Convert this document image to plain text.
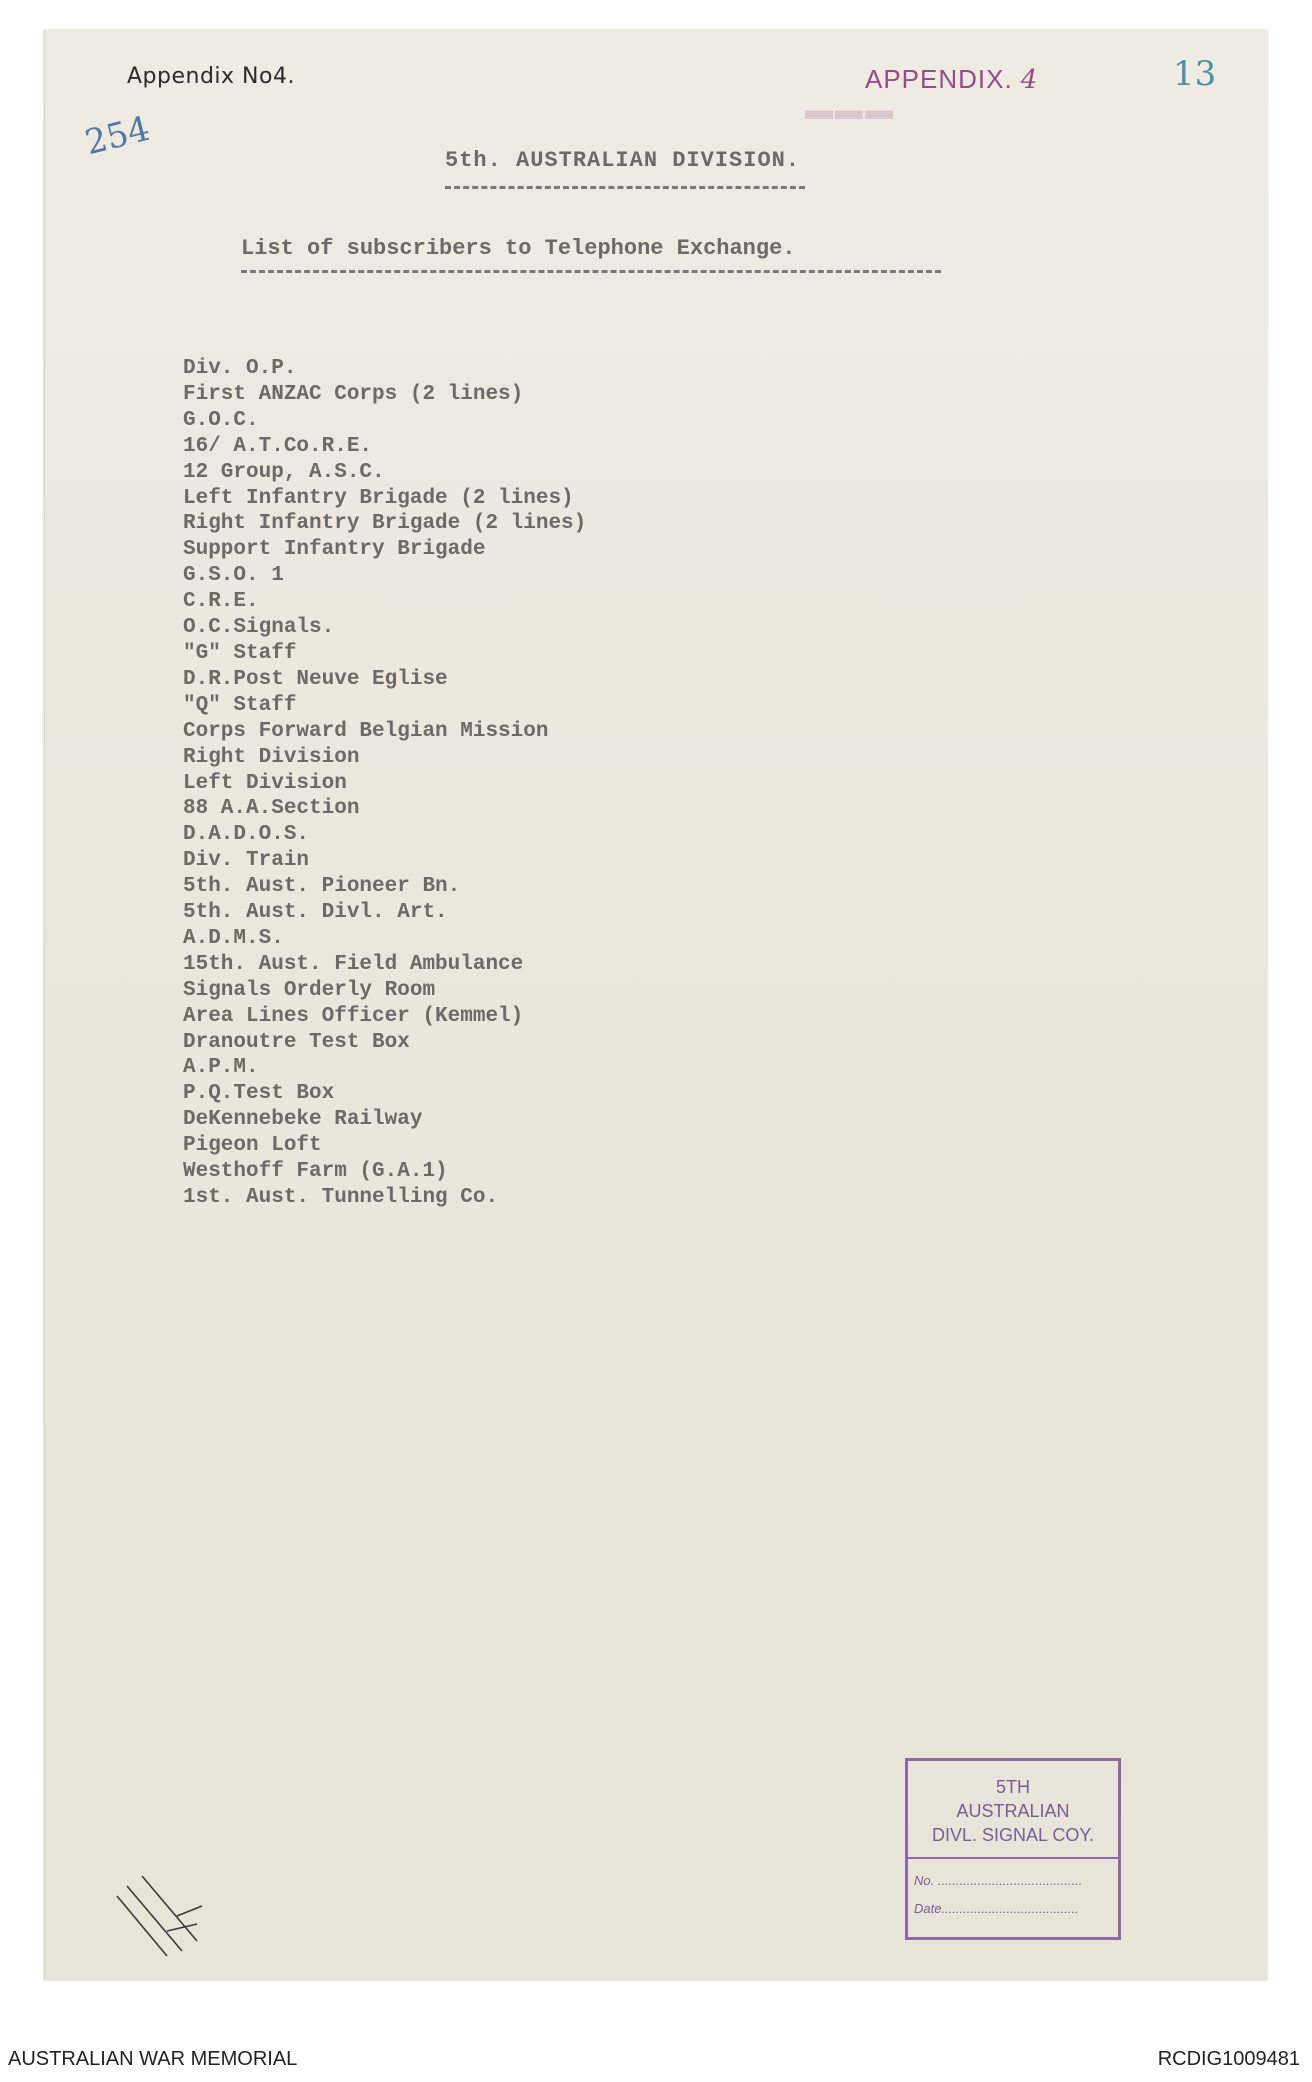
Appendix No4.
254
APPENDIX. 4
▬▬▬
13
5th. AUSTRALIAN DIVISION.
List of subscribers to Telephone Exchange.
Div. O.P.
First ANZAC Corps (2 lines)
G.O.C.
16/ A.T.Co.R.E.
12 Group, A.S.C.
Left Infantry Brigade (2 lines)
Right Infantry Brigade (2 lines)
Support Infantry Brigade
G.S.O. 1
C.R.E.
O.C.Signals.
"G" Staff
D.R.Post Neuve Eglise
"Q" Staff
Corps Forward Belgian Mission
Right Division
Left Division
88 A.A.Section
D.A.D.O.S.
Div. Train
5th. Aust. Pioneer Bn.
5th. Aust. Divl. Art.
A.D.M.S.
15th. Aust. Field Ambulance
Signals Orderly Room
Area Lines Officer (Kemmel)
Dranoutre Test Box
A.P.M.
P.Q.Test Box
DeKennebeke Railway
Pigeon Loft
Westhoff Farm (G.A.1)
1st. Aust. Tunnelling Co.
5TH
AUSTRALIAN
DIVL. SIGNAL COY.
No. ........................................
Date......................................
AUSTRALIAN WAR MEMORIAL	RCDIG1009481
